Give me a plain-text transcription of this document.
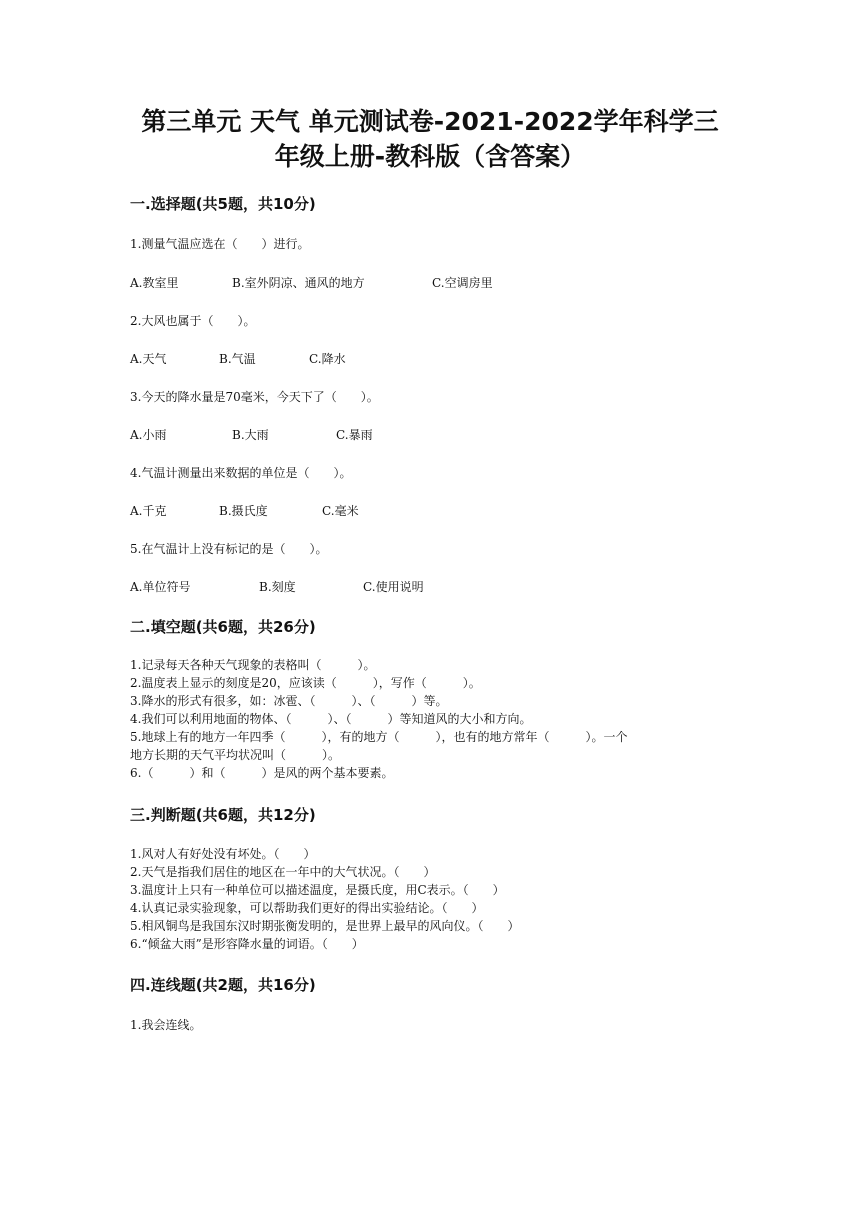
第三单元 天气 单元测试卷-2021-2022学年科学三
年级上册-教科版（含答案）
一.选择题(共5题，共10分)
1.测量气温应选在（　　）进行。
A.教室里	B.室外阴凉、通风的地方	C.空调房里
2.大风也属于（　　）。
A.天气	B.气温	C.降水
3.今天的降水量是70毫米，今天下了（　　）。
A.小雨	B.大雨	C.暴雨
4.气温计测量出来数据的单位是（　　）。
A.千克	B.摄氏度	C.毫米
5.在气温计上没有标记的是（　　）。
A.单位符号	B.刻度	C.使用说明
二.填空题(共6题，共26分)
1.记录每天各种天气现象的表格叫（　　　）。
2.温度表上显示的刻度是20，应该读（　　　），写作（　　　）。
3.降水的形式有很多，如：冰雹、（　　　）、（　　　）等。
4.我们可以利用地面的物体、（　　　）、（　　　）等知道风的大小和方向。
5.地球上有的地方一年四季（　　　），有的地方（　　　），也有的地方常年（　　　）。一个
地方长期的天气平均状况叫（　　　）。
6.（　　　）和（　　　）是风的两个基本要素。
三.判断题(共6题，共12分)
1.风对人有好处没有坏处。（　　）
2.天气是指我们居住的地区在一年中的大气状况。（　　）
3.温度计上只有一种单位可以描述温度，是摄氏度，用C表示。（　　）
4.认真记录实验现象，可以帮助我们更好的得出实验结论。（　　）
5.相风铜鸟是我国东汉时期张衡发明的，是世界上最早的风向仪。（　　）
6.“倾盆大雨”是形容降水量的词语。（　　）
四.连线题(共2题，共16分)
1.我会连线。
